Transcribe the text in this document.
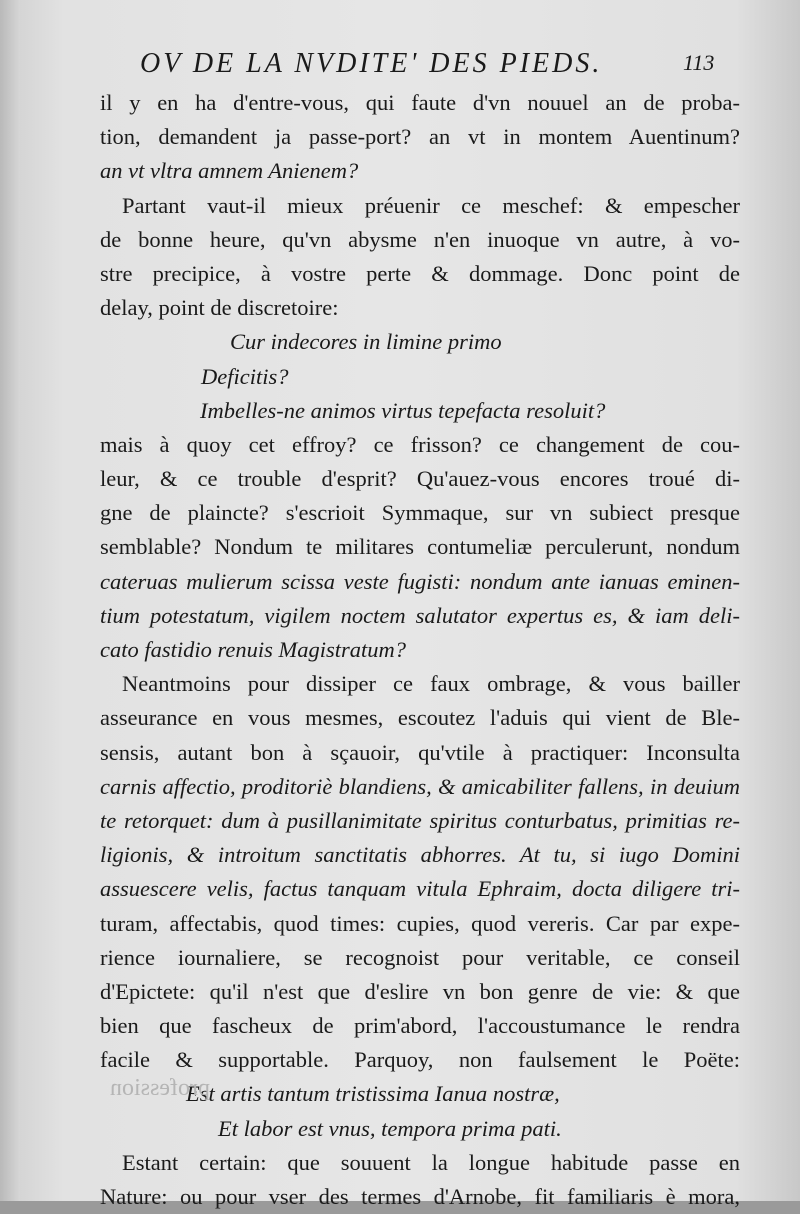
OV DE LA NVDITE' DES PIEDS.	113
il y en ha d'entre-vous, qui faute d'vn nouuel an de proba-
tion, demandent ja passe-port? an vt in montem Auentinum?
an vt vltra amnem Anienem?
Partant vaut-il mieux préuenir ce meschef: & empescher
de bonne heure, qu'vn abysme n'en inuoque vn autre, à vo-
stre precipice, à vostre perte & dommage. Donc point de
delay, point de discretoire:
Cur indecores in limine primo
Deficitis?
Imbelles-ne animos virtus tepefacta resoluit?
mais à quoy cet effroy? ce frisson? ce changement de cou-
leur, & ce trouble d'esprit? Qu'auez-vous encores troué di-
gne de plaincte? s'escrioit Symmaque, sur vn subiect presque
semblable? Nondum te militares contumeliæ perculerunt, nondum
cateruas mulierum scissa veste fugisti: nondum ante ianuas eminen-
tium potestatum, vigilem noctem salutator expertus es, & iam deli-
cato fastidio renuis Magistratum?
Neantmoins pour dissiper ce faux ombrage, & vous bailler
asseurance en vous mesmes, escoutez l'aduis qui vient de Ble-
sensis, autant bon à sçauoir, qu'vtile à practiquer: Inconsulta
carnis affectio, proditoriè blandiens, & amicabiliter fallens, in deuium
te retorquet: dum à pusillanimitate spiritus conturbatus, primitias re-
ligionis, & introitum sanctitatis abhorres. At tu, si iugo Domini
assuescere velis, factus tanquam vitula Ephraim, docta diligere tri-
turam, affectabis, quod times: cupies, quod vereris. Car par expe-
rience iournaliere, se recognoist pour veritable, ce conseil
d'Epictete: qu'il n'est que d'eslire vn bon genre de vie: & que
bien que fascheux de prim'abord, l'accoustumance le rendra
facile & supportable. Parquoy, non faulsement le Poëte:
Est artis tantum tristissima Ianua nostræ,
Et labor est vnus, tempora prima pati.
Estant certain: que souuent la longue habitude passe en
Nature: ou pour vser des termes d'Arnobe, fit familiaris è mora,
profession
